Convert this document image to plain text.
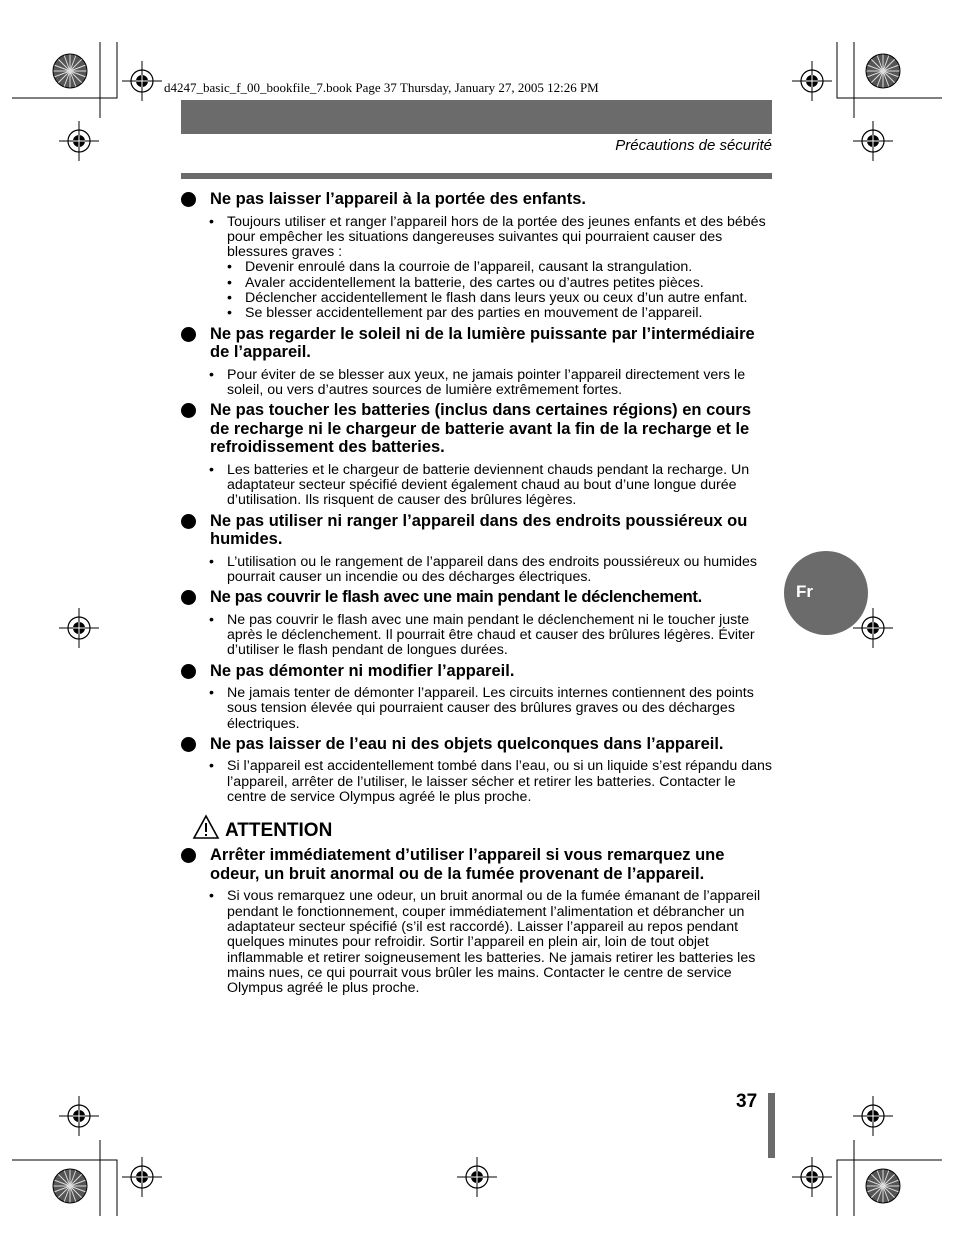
d4247_basic_f_00_bookfile_7.book Page 37 Thursday, January 27, 2005 12:26 PM
Précautions de sécurité
Fr
Ne pas laisser l’appareil à la portée des enfants.
• Toujours utiliser et ranger l’appareil hors de la portée des jeunes enfants et des bébés pour empêcher les situations dangereuses suivantes qui pourraient causer des blessures graves :
• Devenir enroulé dans la courroie de l’appareil, causant la strangulation.
• Avaler accidentellement la batterie, des cartes ou d’autres petites pièces.
• Déclencher accidentellement le flash dans leurs yeux ou ceux d’un autre enfant.
• Se blesser accidentellement par des parties en mouvement de l’appareil.
Ne pas regarder le soleil ni de la lumière puissante par l’intermédiaire de l’appareil.
• Pour éviter de se blesser aux yeux, ne jamais pointer l’appareil directement vers le soleil, ou vers d’autres sources de lumière extrêmement fortes.
Ne pas toucher les batteries (inclus dans certaines régions) en cours de recharge ni le chargeur de batterie avant la fin de la recharge et le refroidissement des batteries.
• Les batteries et le chargeur de batterie deviennent chauds pendant la recharge. Un adaptateur secteur spécifié devient également chaud au bout d’une longue durée d’utilisation. Ils risquent de causer des brûlures légères.
Ne pas utiliser ni ranger l’appareil dans des endroits poussiéreux ou humides.
• L’utilisation ou le rangement de l’appareil dans des endroits poussiéreux ou humides pourrait causer un incendie ou des décharges électriques.
Ne pas couvrir le flash avec une main pendant le déclenchement.
• Ne pas couvrir le flash avec une main pendant le déclenchement ni le toucher juste après le déclenchement. Il pourrait être chaud et causer des brûlures légères. Éviter d’utiliser le flash pendant de longues durées.
Ne pas démonter ni modifier l’appareil.
• Ne jamais tenter de démonter l’appareil. Les circuits internes contiennent des points sous tension élevée qui pourraient causer des brûlures graves ou des décharges électriques.
Ne pas laisser de l’eau ni des objets quelconques dans l’appareil.
• Si l’appareil est accidentellement tombé dans l’eau, ou si un liquide s’est répandu dans l’appareil, arrêter de l’utiliser, le laisser sécher et retirer les batteries. Contacter le centre de service Olympus agréé le plus proche.
ATTENTION
Arrêter immédiatement d’utiliser l’appareil si vous remarquez une odeur, un bruit anormal ou de la fumée provenant de l’appareil.
• Si vous remarquez une odeur, un bruit anormal ou de la fumée émanant de l’appareil pendant le fonctionnement, couper immédiatement l’alimentation et débrancher un adaptateur secteur spécifié (s’il est raccordé). Laisser l’appareil au repos pendant quelques minutes pour refroidir. Sortir l’appareil en plein air, loin de tout objet inflammable et retirer soigneusement les batteries. Ne jamais retirer les batteries les mains nues, ce qui pourrait vous brûler les mains. Contacter le centre de service Olympus agréé le plus proche.
37
